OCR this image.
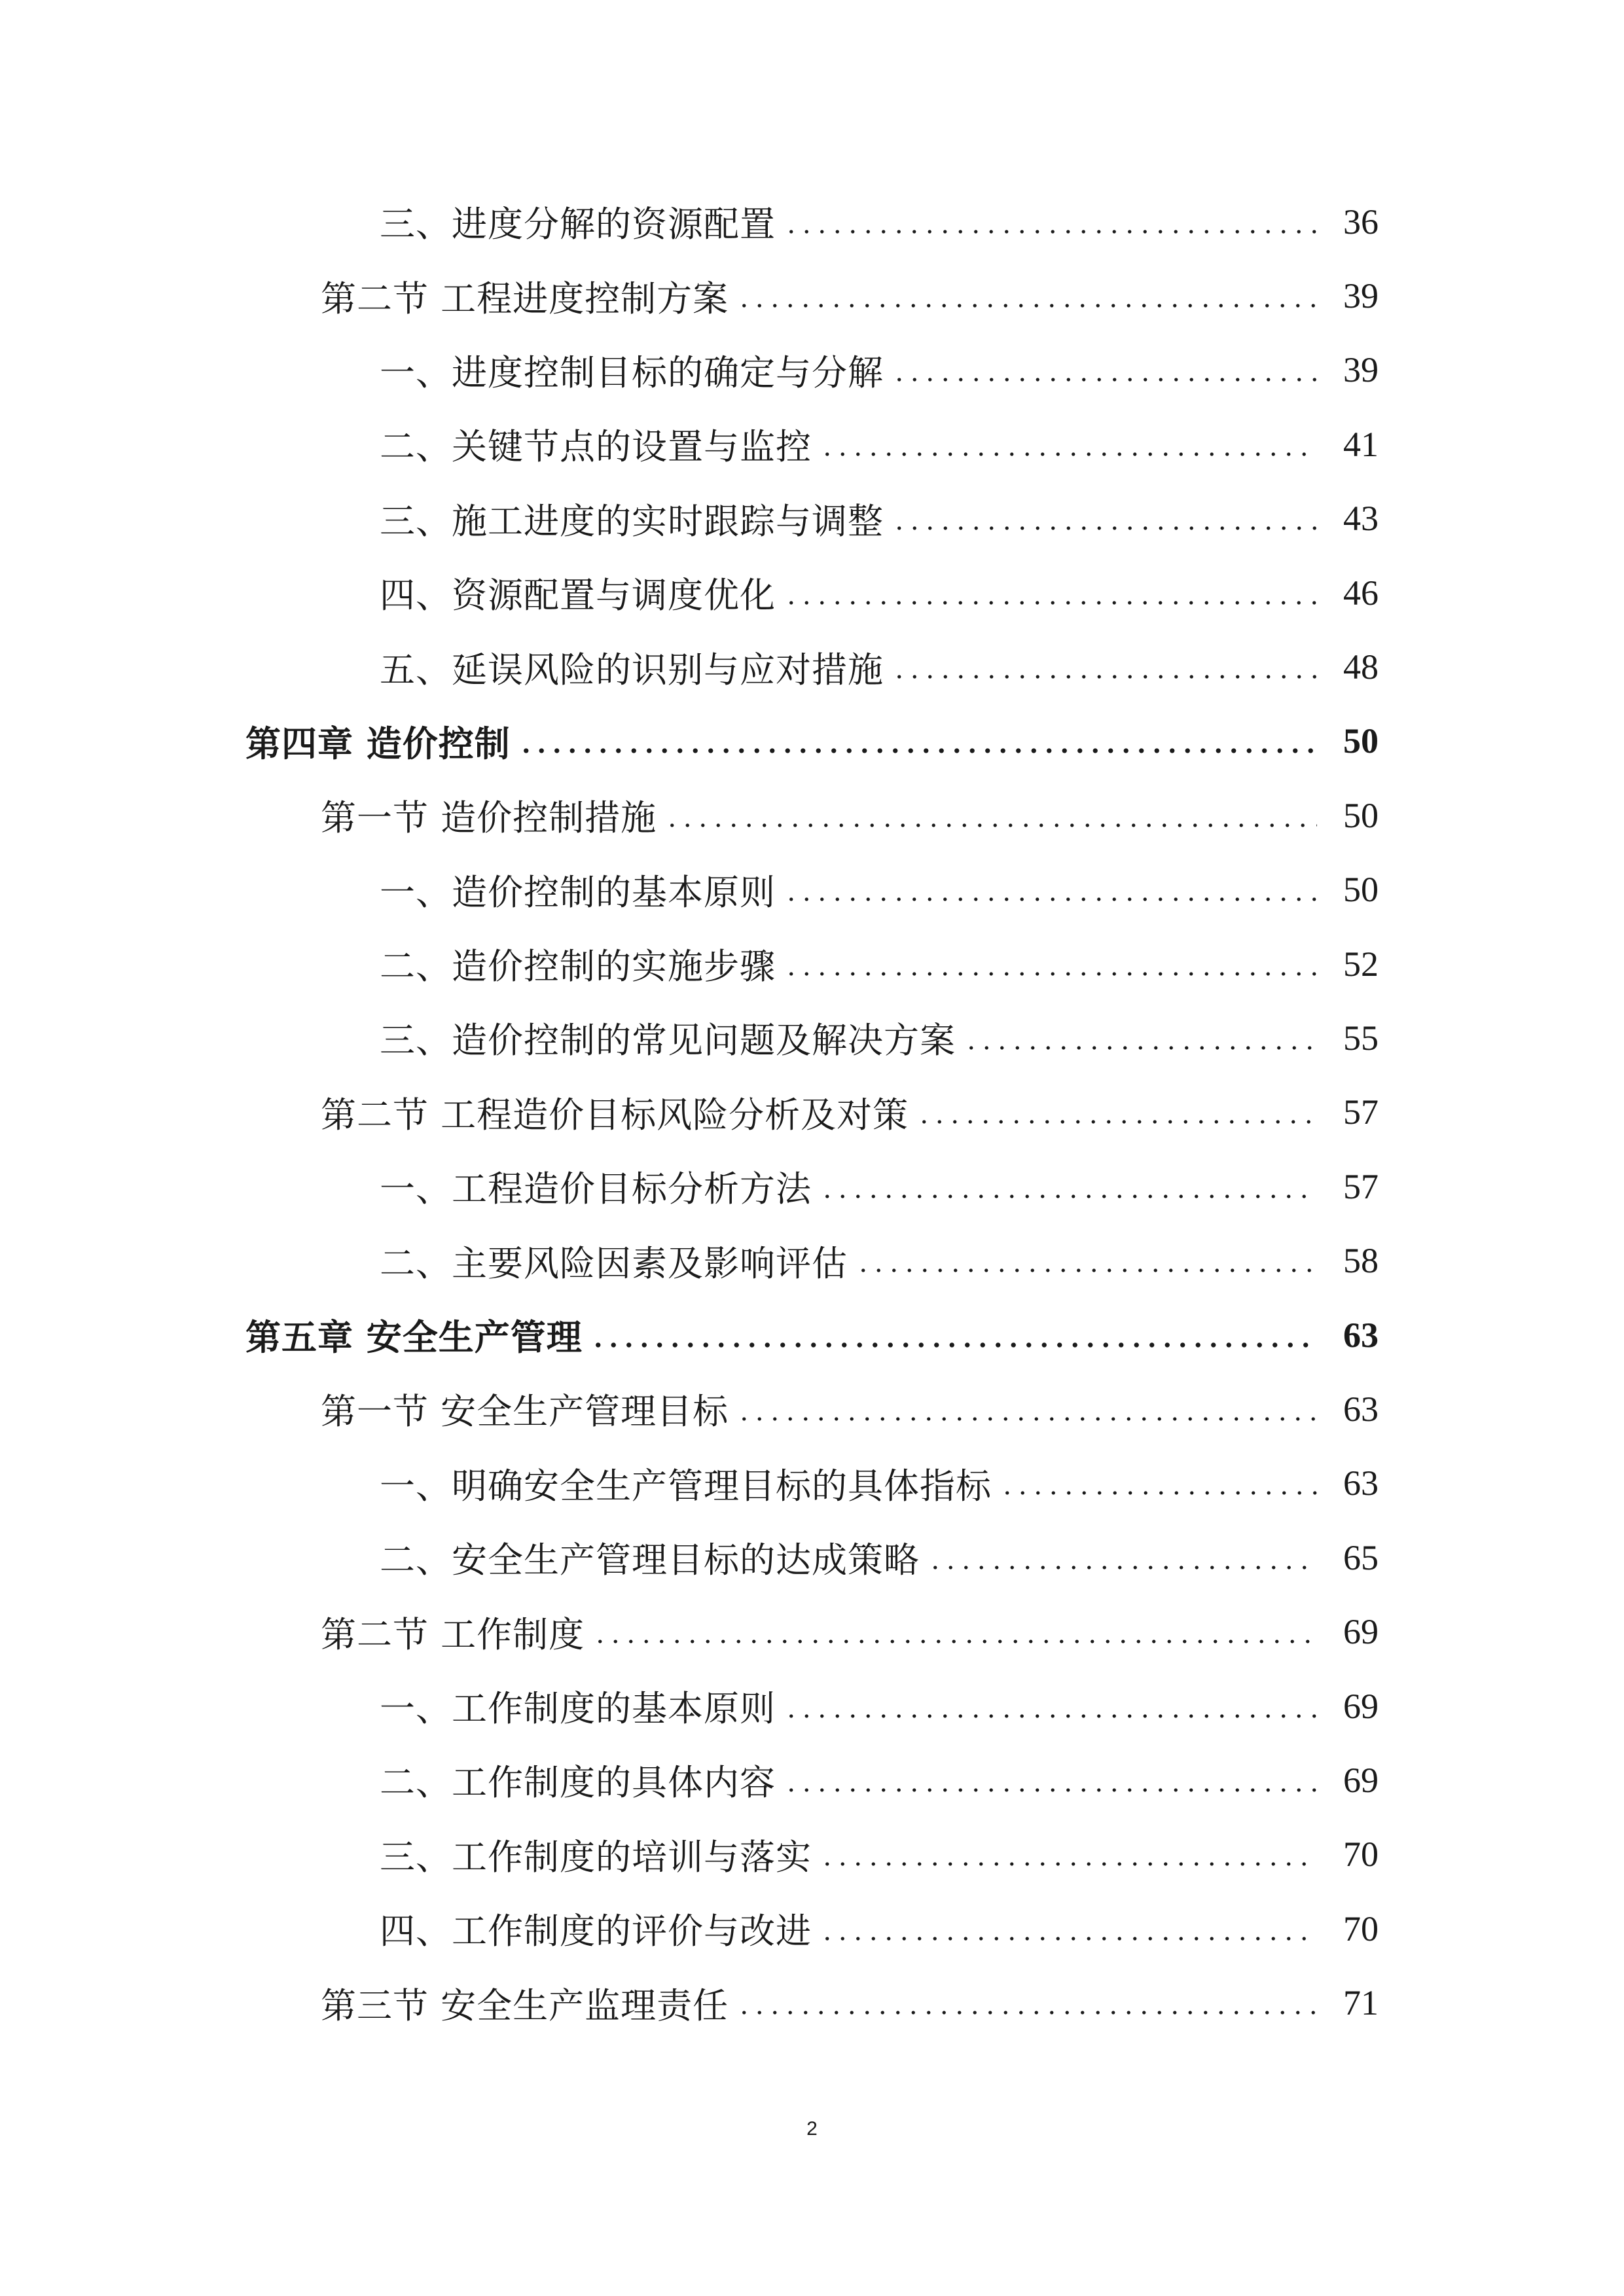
三、进度分解的资源配置	36
第二节 工程进度控制方案	39
一、进度控制目标的确定与分解	39
二、关键节点的设置与监控	41
三、施工进度的实时跟踪与调整	43
四、资源配置与调度优化	46
五、延误风险的识别与应对措施	48
第四章 造价控制	50
第一节 造价控制措施	50
一、造价控制的基本原则	50
二、造价控制的实施步骤	52
三、造价控制的常见问题及解决方案	55
第二节 工程造价目标风险分析及对策	57
一、工程造价目标分析方法	57
二、主要风险因素及影响评估	58
第五章 安全生产管理	63
第一节 安全生产管理目标	63
一、明确安全生产管理目标的具体指标	63
二、安全生产管理目标的达成策略	65
第二节 工作制度	69
一、工作制度的基本原则	69
二、工作制度的具体内容	69
三、工作制度的培训与落实	70
四、工作制度的评价与改进	70
第三节 安全生产监理责任	71
2
